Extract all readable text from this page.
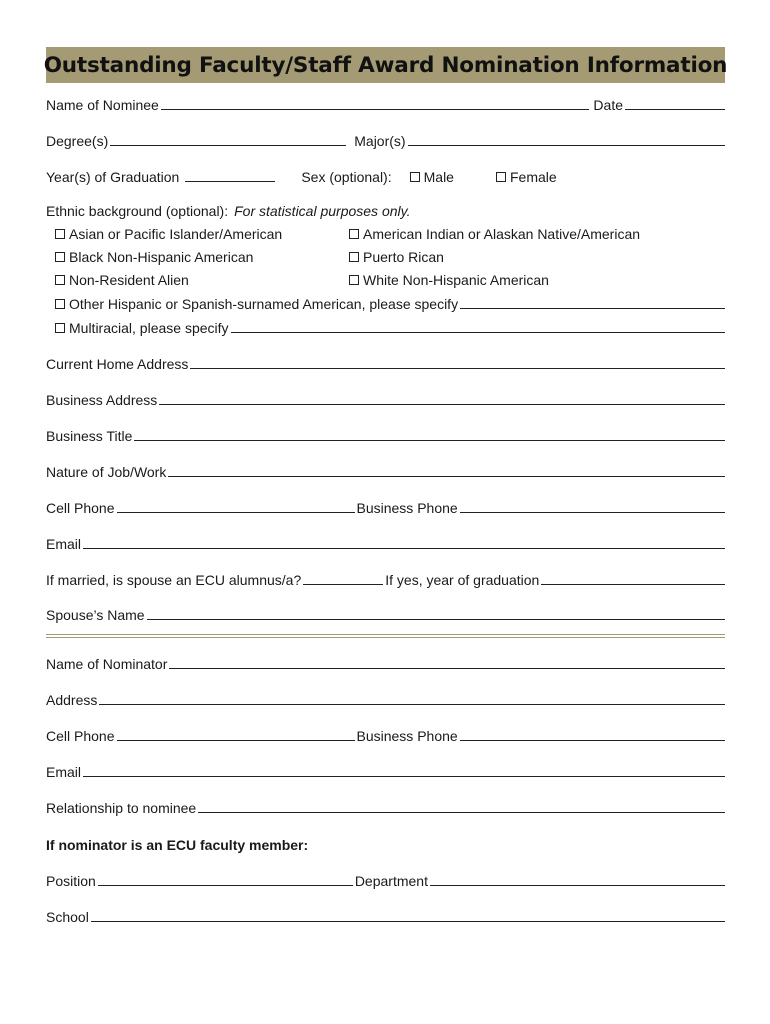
Outstanding Faculty/Staff Award Nomination Information
Name of Nominee	Date
Degree(s)	Major(s)
Year(s) of Graduation	Sex (optional): Male	Female
Ethnic background (optional): For statistical purposes only.
Asian or Pacific Islander/American	American Indian or Alaskan Native/American
Black Non-Hispanic American	Puerto Rican
Non-Resident Alien	White Non-Hispanic American
Other Hispanic or Spanish-surnamed American, please specify
Multiracial, please specify
Current Home Address
Business Address
Business Title
Nature of Job/Work
Cell Phone	Business Phone
Email
If married, is spouse an ECU alumnus/a?	If yes, year of graduation
Spouse’s Name
Name of Nominator
Address
Cell Phone	Business Phone
Email
Relationship to nominee
If nominator is an ECU faculty member:
Position	Department
School
